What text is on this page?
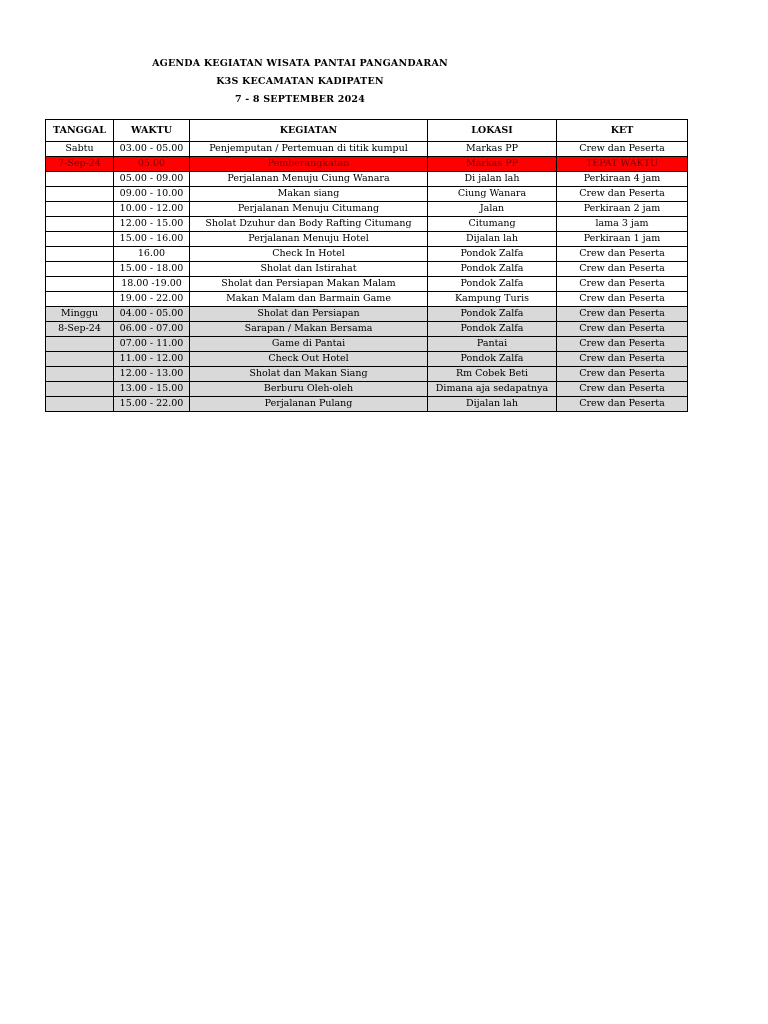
AGENDA KEGIATAN WISATA PANTAI PANGANDARAN
K3S KECAMATAN KADIPATEN
7 - 8 SEPTEMBER 2024
TANGGAL	WAKTU	KEGIATAN	LOKASI	KET
Sabtu	03.00 - 05.00	Penjemputan / Pertemuan di titik kumpul	Markas PP	Crew dan Peserta
7-Sep-24	05.00	Pemberangkatan	Markas PP	TEPAT WAKTU
	05.00 - 09.00	Perjalanan Menuju Ciung Wanara	Di jalan lah	Perkiraan 4 jam
	09.00 - 10.00	Makan siang	Ciung Wanara	Crew dan Peserta
	10.00 - 12.00	Perjalanan Menuju Citumang	Jalan	Perkiraan 2 jam
	12.00 - 15.00	Sholat Dzuhur dan Body Rafting Citumang	Citumang	lama 3 jam
	15.00 - 16.00	Perjalanan Menuju Hotel	Dijalan lah	Perkiraan 1 jam
	16.00	Check In Hotel	Pondok Zalfa	Crew dan Peserta
	15.00 - 18.00	Sholat dan Istirahat	Pondok Zalfa	Crew dan Peserta
	18.00 -19.00	Sholat dan Persiapan Makan Malam	Pondok Zalfa	Crew dan Peserta
	19.00 - 22.00	Makan Malam dan Barmain Game	Kampung Turis	Crew dan Peserta
Minggu	04.00 - 05.00	Sholat dan Persiapan	Pondok Zalfa	Crew dan Peserta
8-Sep-24	06.00 - 07.00	Sarapan / Makan Bersama	Pondok Zalfa	Crew dan Peserta
	07.00 - 11.00	Game di Pantai	Pantai	Crew dan Peserta
	11.00 - 12.00	Check Out Hotel	Pondok Zalfa	Crew dan Peserta
	12.00 - 13.00	Sholat dan Makan Siang	Rm Cobek Beti	Crew dan Peserta
	13.00 - 15.00	Berburu Oleh-oleh	Dimana aja sedapatnya	Crew dan Peserta
	15.00 - 22.00	Perjalanan Pulang	Dijalan lah	Crew dan Peserta
